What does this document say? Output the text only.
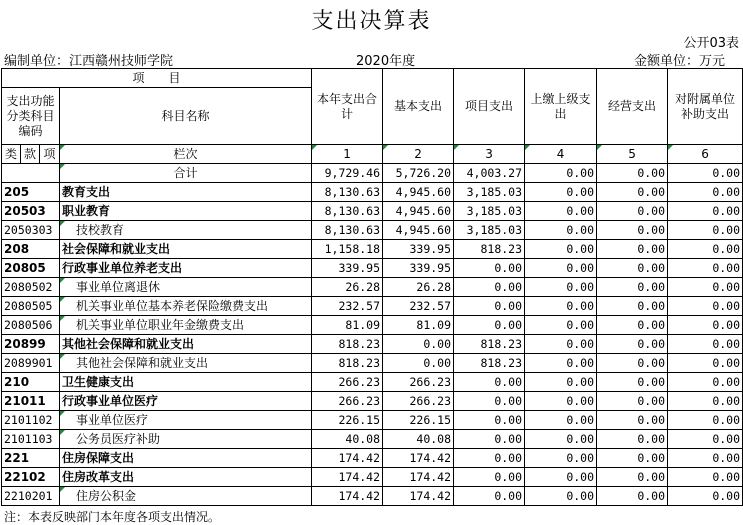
支出决算表
公开03表
编制单位：江西赣州技师学院	2020年度	金额单位：万元
项　　目				本年支出合计	基本支出	项目支出	上缴上级支出	经营支出	对附属单位补助支出
支出功能分类科目编码			科目名称						
类	款	项							
			栏次	1	2	3	4	5	6
			合计	9,729.46	5,726.20	4,003.27	0.00	0.00	0.00
205			教育支出	8,130.63	4,945.60	3,185.03	0.00	0.00	0.00
20503			职业教育	8,130.63	4,945.60	3,185.03	0.00	0.00	0.00
2050303			技校教育	8,130.63	4,945.60	3,185.03	0.00	0.00	0.00
208			社会保障和就业支出	1,158.18	339.95	818.23	0.00	0.00	0.00
20805			行政事业单位养老支出	339.95	339.95	0.00	0.00	0.00	0.00
2080502			事业单位离退休	26.28	26.28	0.00	0.00	0.00	0.00
2080505			机关事业单位基本养老保险缴费支出	232.57	232.57	0.00	0.00	0.00	0.00
2080506			机关事业单位职业年金缴费支出	81.09	81.09	0.00	0.00	0.00	0.00
20899			其他社会保障和就业支出	818.23	0.00	818.23	0.00	0.00	0.00
2089901			其他社会保障和就业支出	818.23	0.00	818.23	0.00	0.00	0.00
210			卫生健康支出	266.23	266.23	0.00	0.00	0.00	0.00
21011			行政事业单位医疗	266.23	266.23	0.00	0.00	0.00	0.00
2101102			事业单位医疗	226.15	226.15	0.00	0.00	0.00	0.00
2101103			公务员医疗补助	40.08	40.08	0.00	0.00	0.00	0.00
221			住房保障支出	174.42	174.42	0.00	0.00	0.00	0.00
22102			住房改革支出	174.42	174.42	0.00	0.00	0.00	0.00
2210201			住房公积金	174.42	174.42	0.00	0.00	0.00	0.00
注：本表反映部门本年度各项支出情况。
